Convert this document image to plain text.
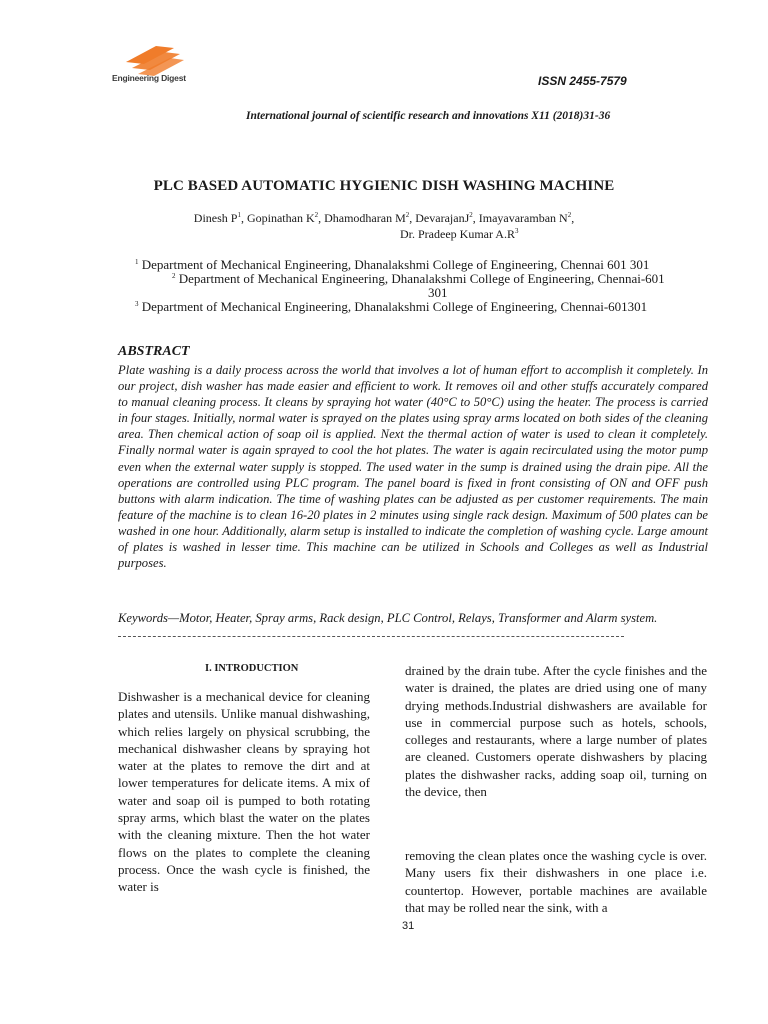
Engineering Digest	ISSN 2455-7579
International journal of scientific research and innovations X11 (2018)31-36
PLC BASED AUTOMATIC HYGIENIC DISH WASHING MACHINE
Dinesh $P^1$, Gopinathan $K^2$, Dhamodharan $M^2$, DevarajanJ$^2$, Imayavaramban $N^2$,
Dr. Pradeep Kumar $A.R^3$
$^1$ Department of Mechanical Engineering, Dhanalakshmi College of Engineering, Chennai 601 301
$^2$ Department of Mechanical Engineering, Dhanalakshmi College of Engineering, Chennai-601
301
$^3$ Department of Mechanical Engineering, Dhanalakshmi College of Engineering, Chennai-601301
ABSTRACT
Plate washing is a daily process across the world that involves a lot of human effort to accomplish it completely. In our project, dish washer has made easier and efficient to work. It removes oil and other stuffs accurately compared to manual cleaning process. It cleans by spraying hot water (40°C to 50°C) using the heater. The process is carried in four stages. Initially, normal water is sprayed on the plates using spray arms located on both sides of the cleaning area. Then chemical action of soap oil is applied. Next the thermal action of water is used to clean it completely. Finally normal water is again sprayed to cool the hot plates. The water is again recirculated using the motor pump even when the external water supply is stopped. The used water in the sump is drained using the drain pipe. All the operations are controlled using PLC program. The panel board is fixed in front consisting of ON and OFF push buttons with alarm indication. The time of washing plates can be adjusted as per customer requirements. The main feature of the machine is to clean 16-20 plates in 2 minutes using single rack design. Maximum of 500 plates can be washed in one hour. Additionally, alarm setup is installed to indicate the completion of washing cycle. Large amount of plates is washed in lesser time. This machine can be utilized in Schools and Colleges as well as Industrial purposes.
Keywords—Motor, Heater, Spray arms, Rack design, PLC Control, Relays, Transformer and Alarm system.
I. INTRODUCTION
Dishwasher is a mechanical device for cleaning plates and utensils. Unlike manual dishwashing, which relies largely on physical scrubbing, the mechanical dishwasher cleans by spraying hot water at the plates to remove the dirt and at lower temperatures for delicate items. A mix of water and soap oil is pumped to both rotating spray arms, which blast the water on the plates with the cleaning mixture. Then the hot water flows on the plates to complete the cleaning process. Once the wash cycle is finished, the water is
drained by the drain tube. After the cycle finishes and the water is drained, the plates are dried using one of many drying methods.Industrial dishwashers are available for use in commercial purpose such as hotels, schools, colleges and restaurants, where a large number of plates are cleaned. Customers operate dishwashers by placing plates the dishwasher racks, adding soap oil, turning on the device, then
removing the clean plates once the washing cycle is over. Many users fix their dishwashers in one place i.e. countertop. However, portable machines are available that may be rolled near the sink, with a
31
